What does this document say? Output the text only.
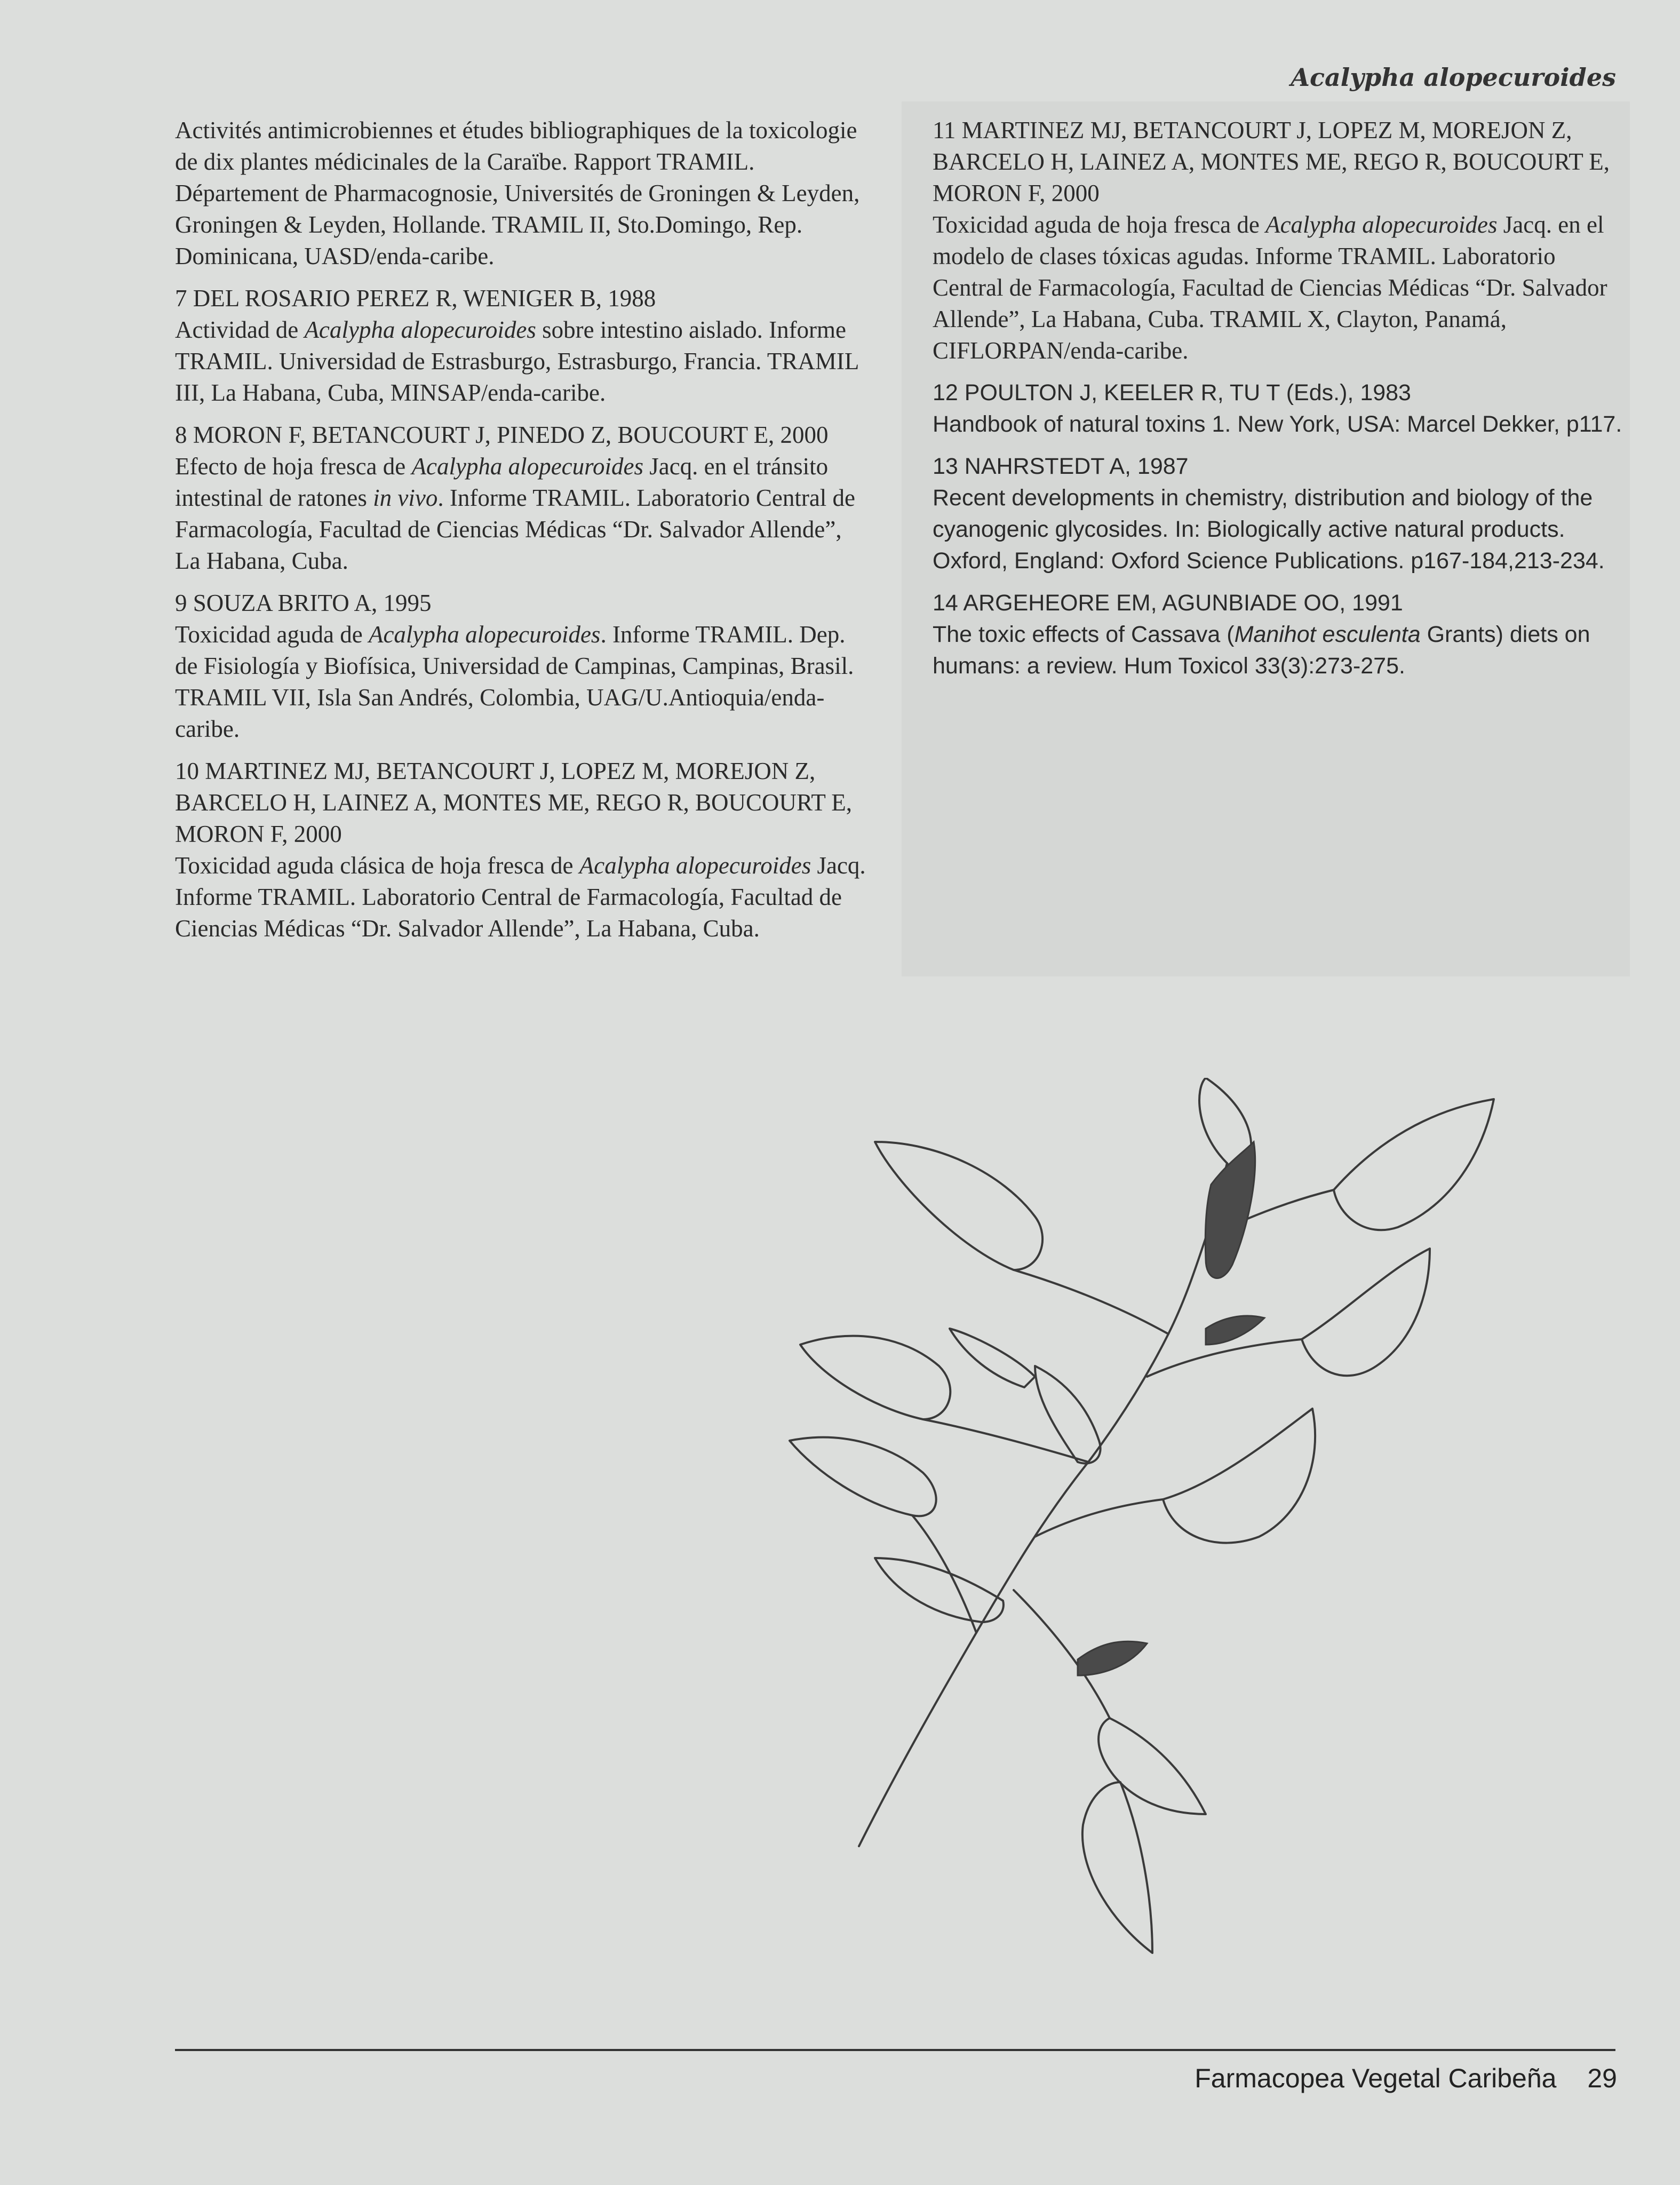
Acalypha alopecuroides
Activités antimicrobiennes et études bibliographiques de la toxicologie de dix plantes médicinales de la Caraïbe. Rapport TRAMIL. Département de Pharmacognosie, Universités de Groningen & Leyden, Groningen & Leyden, Hollande. TRAMIL II, Sto.Domingo, Rep. Dominicana, UASD/enda-caribe.
7 DEL ROSARIO PEREZ R, WENIGER B, 1988
Actividad de Acalypha alopecuroides sobre intestino aislado. Informe TRAMIL. Universidad de Estrasburgo, Estrasburgo, Francia. TRAMIL III, La Habana, Cuba, MINSAP/enda-caribe.
8 MORON F, BETANCOURT J, PINEDO Z, BOUCOURT E, 2000
Efecto de hoja fresca de Acalypha alopecuroides Jacq. en el tránsito intestinal de ratones in vivo. Informe TRAMIL. Laboratorio Central de Farmacología, Facultad de Ciencias Médicas “Dr. Salvador Allende”, La Habana, Cuba.
9 SOUZA BRITO A, 1995
Toxicidad aguda de Acalypha alopecuroides. Informe TRAMIL. Dep. de Fisiología y Biofísica, Universidad de Campinas, Campinas, Brasil. TRAMIL VII, Isla San Andrés, Colombia, UAG/U.Antioquia/enda-caribe.
10 MARTINEZ MJ, BETANCOURT J, LOPEZ M, MOREJON Z, BARCELO H, LAINEZ A, MONTES ME, REGO R, BOUCOURT E, MORON F, 2000
Toxicidad aguda clásica de hoja fresca de Acalypha alopecuroides Jacq. Informe TRAMIL. Laboratorio Central de Farmacología, Facultad de Ciencias Médicas “Dr. Salvador Allende”, La Habana, Cuba.
11 MARTINEZ MJ, BETANCOURT J, LOPEZ M, MOREJON Z, BARCELO H, LAINEZ A, MONTES ME, REGO R, BOUCOURT E, MORON F, 2000
Toxicidad aguda de hoja fresca de Acalypha alopecuroides Jacq. en el modelo de clases tóxicas agudas. Informe TRAMIL. Laboratorio Central de Farmacología, Facultad de Ciencias Médicas “Dr. Salvador Allende”, La Habana, Cuba. TRAMIL X, Clayton, Panamá, CIFLORPAN/enda-caribe.
12 POULTON J, KEELER R, TU T (Eds.), 1983
Handbook of natural toxins 1. New York, USA: Marcel Dekker, p117.
13 NAHRSTEDT A, 1987
Recent developments in chemistry, distribution and biology of the cyanogenic glycosides. In: Biologically active natural products. Oxford, England: Oxford Science Publications. p167-184,213-234.
14 ARGEHEORE EM, AGUNBIADE OO, 1991
The toxic effects of Cassava (Manihot esculenta Grants) diets on humans: a review. Hum Toxicol 33(3):273-275.
Farmacopea Vegetal Caribeña 29
